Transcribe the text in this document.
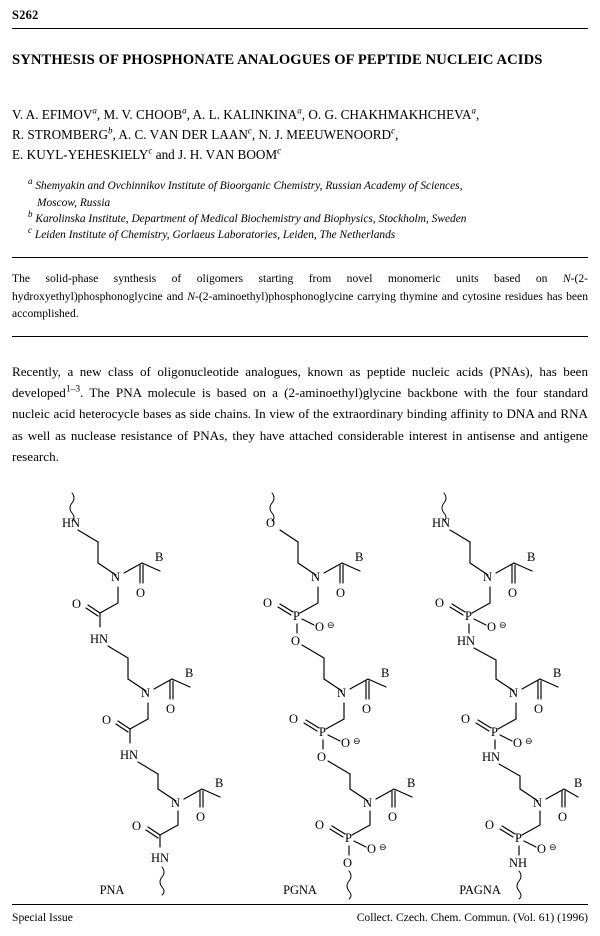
S262
SYNTHESIS OF PHOSPHONATE ANALOGUES OF PEPTIDE NUCLEIC ACIDS
V. A. EFIMOV$^a$, M. V. CHOOB$^a$, A. L. KALINKINA$^a$, O. G. CHAKHMAKHCHEVA$^a$,
R. STROMBERG$^b$, A. C. VAN DER LAAN$^c$, N. J. MEEUWENOORD$^c$,
E. KUYL-YEHESKIELY$^c$ and J. H. VAN BOOM$^c$
$^a$ Shemyakin and Ovchinnikov Institute of Bioorganic Chemistry, Russian Academy of Sciences,
Moscow, Russia
$^b$ Karolinska Institute, Department of Medical Biochemistry and Biophysics, Stockholm, Sweden
$^c$ Leiden Institute of Chemistry, Gorlaeus Laboratories, Leiden, The Netherlands
The solid-phase synthesis of oligomers starting from novel monomeric units based on N-(2-hydroxyethyl)phosphonoglycine and N-(2-aminoethyl)phosphonoglycine carrying thymine and cytosine residues has been accomplished.
Recently, a new class of oligonucleotide analogues, known as peptide nucleic acids (PNAs), has been developed$^{1-3}$. The PNA molecule is based on a (2-aminoethyl)glycine backbone with the four standard nucleic acid heterocycle bases as side chains. In view of the extraordinary binding affinity to DNA and RNA as well as nuclease resistance of PNAs, they have attached considerable interest in antisense and antigene research.
HN
N
B
O
O
HN
N
B
O
O
HN
N
B
O
O
N
B
O
P
O
O ⊖
O
N
B
O
P
O
O ⊖
O
N
B
O
HN
N
B
O
P
O
O ⊖
HN
N
B
O
P
O
O ⊖
HN
N
B
O
O
HN
P
O
O ⊖
O
P
O
O ⊖
NH
PNA	PGNA	PAGNA
Special Issue	Collect. Czech. Chem. Commun. (Vol. 61) (1996)
